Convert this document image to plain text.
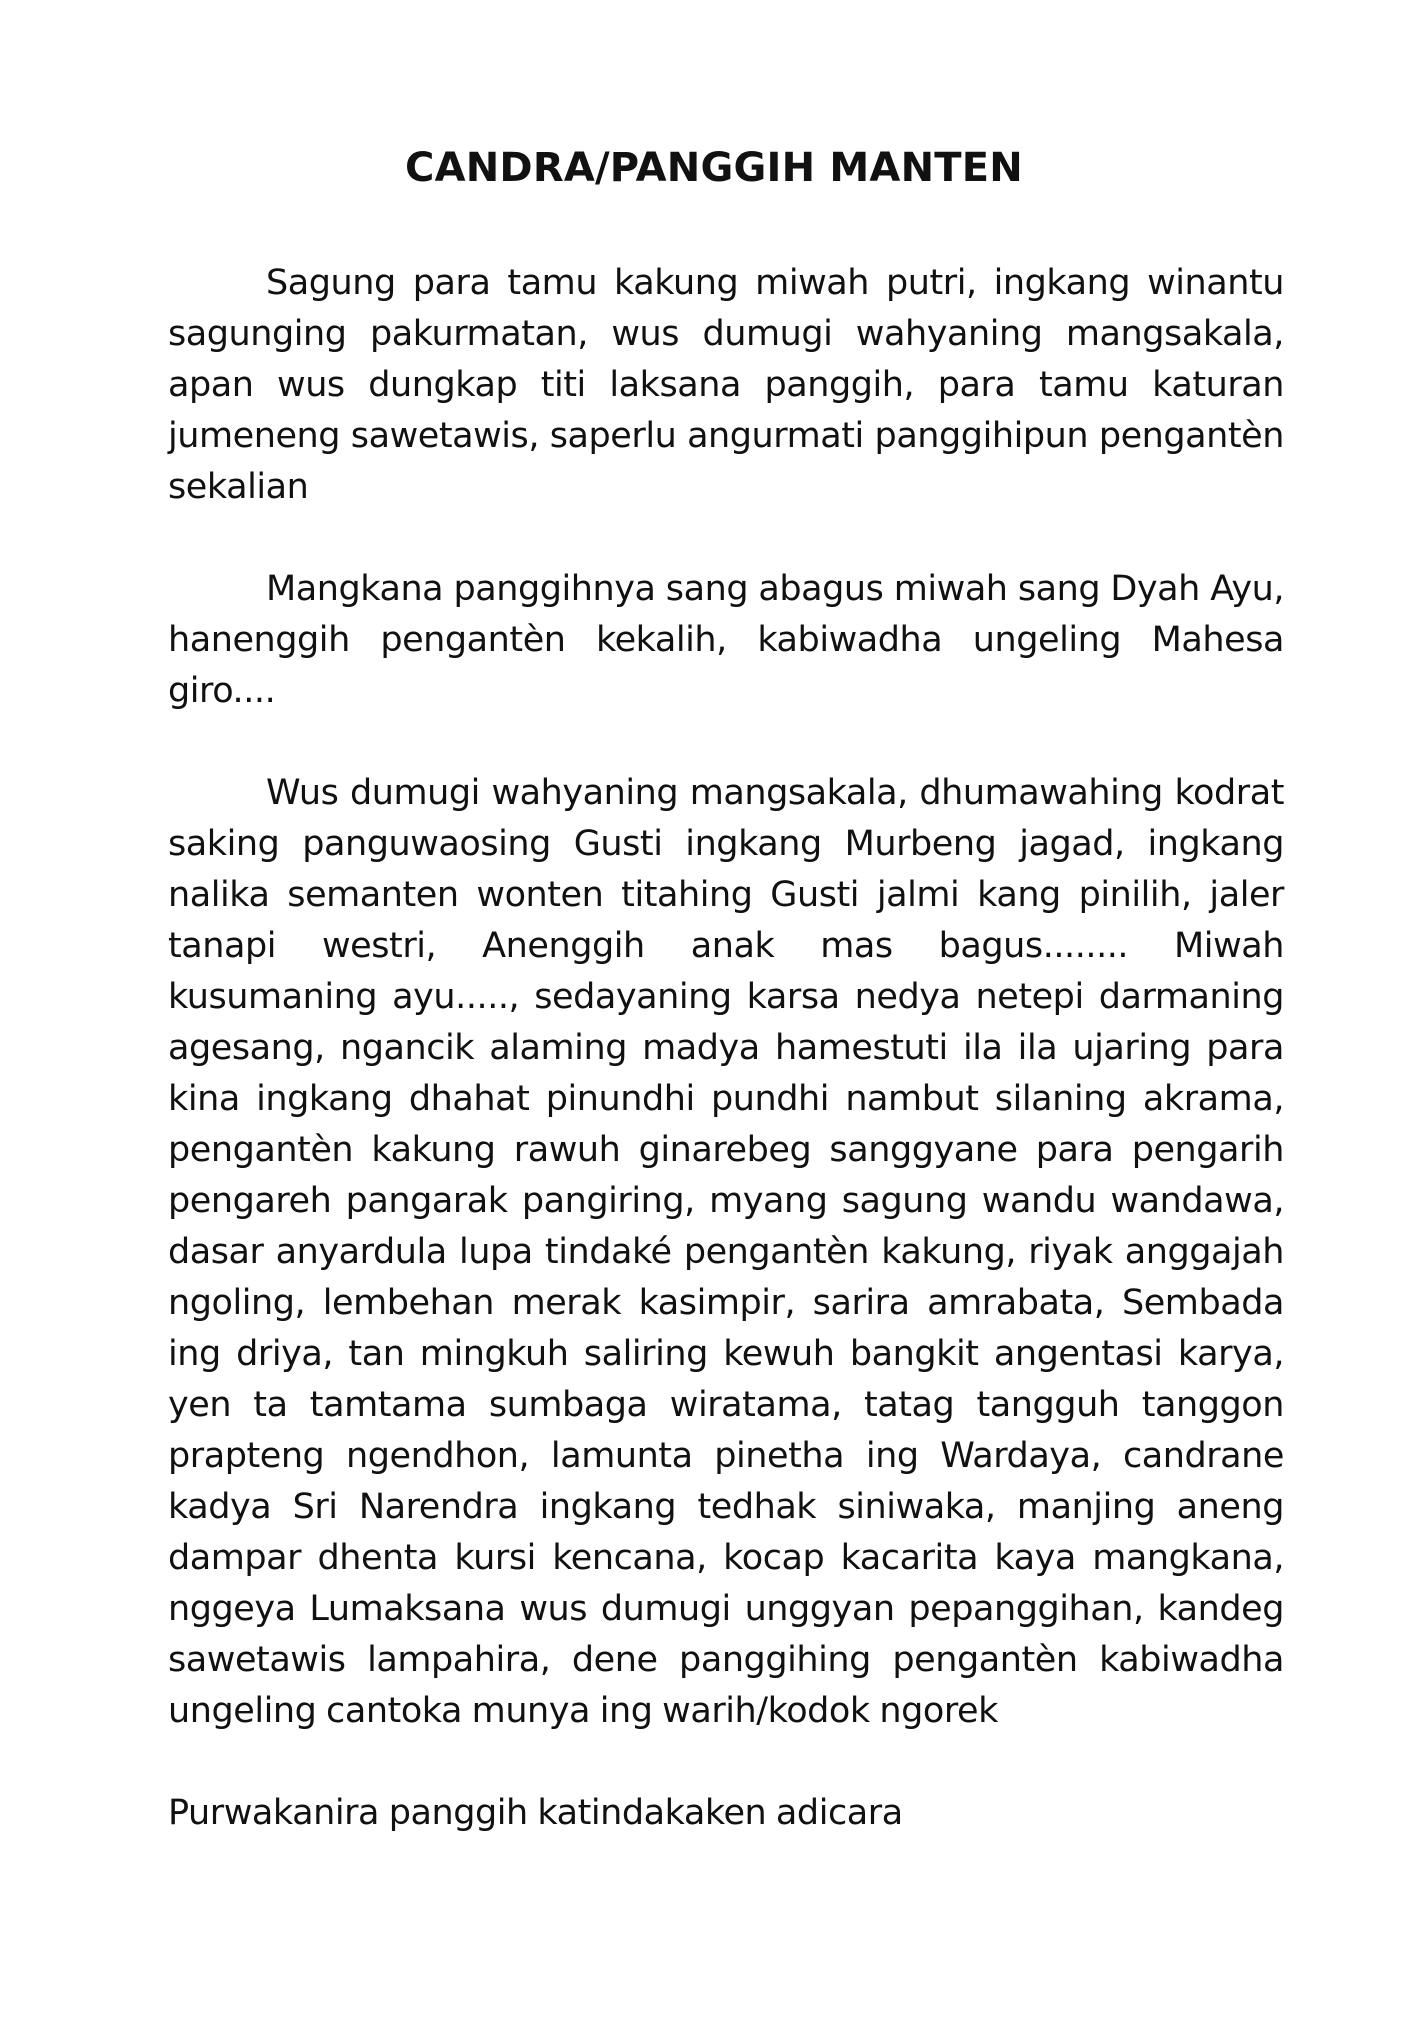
CANDRA/PANGGIH MANTEN

Sagung para tamu kakung miwah putri, ingkang winantu sagunging pakurmatan, wus dumugi wahyaning mangsakala, apan wus dungkap titi laksana panggih, para tamu katuran jumeneng sawetawis, saperlu angurmati panggihipun pengantèn sekalian

Mangkana panggihnya sang abagus miwah sang Dyah Ayu, hanenggih pengantèn kekalih, kabiwadha ungeling Mahesa giro....

Wus dumugi wahyaning mangsakala, dhumawahing kodrat saking panguwaosing Gusti ingkang Murbeng jagad, ingkang nalika semanten wonten titahing Gusti jalmi kang pinilih, jaler tanapi westri, Anenggih anak mas bagus........ Miwah kusumaning ayu....., sedayaning karsa nedya netepi darmaning agesang, ngancik alaming madya hamestuti ila ila ujaring para kina ingkang dhahat pinundhi pundhi nambut silaning akrama, pengantèn kakung rawuh ginarebeg sanggyane para pengarih pengareh pangarak pangiring, myang sagung wandu wandawa, dasar anyardula lupa tindaké pengantèn kakung, riyak anggajah ngoling, lembehan merak kasimpir, sarira amrabata, Sembada ing driya, tan mingkuh saliring kewuh bangkit angentasi karya, yen ta tamtama sumbaga wiratama, tatag tangguh tanggon prapteng ngendhon, lamunta pinetha ing Wardaya, candrane kadya Sri Narendra ingkang tedhak siniwaka, manjing aneng dampar dhenta kursi kencana, kocap kacarita kaya mangkana, nggeya Lumaksana wus dumugi unggyan pepanggihan, kandeg sawetawis lampahira, dene panggihing pengantèn kabiwadha ungeling cantoka munya ing warih/kodok ngorek

Purwakanira panggih katindakaken adicara
